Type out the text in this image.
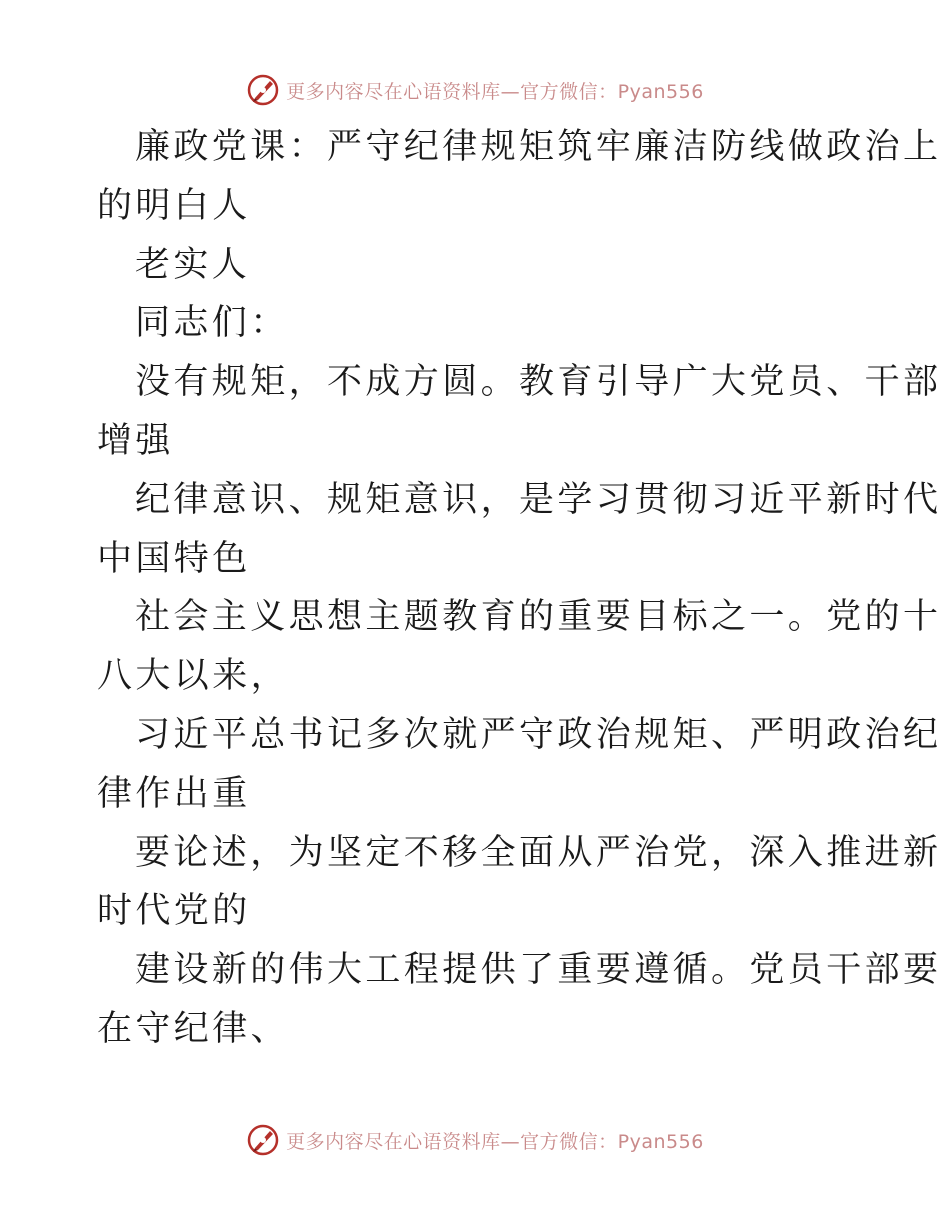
更多内容尽在心语资料库—官方微信：Pyan556
廉政党课：严守纪律规矩筑牢廉洁防线做政治上
的明白人
老实人
同志们：
没有规矩，不成方圆。教育引导广大党员、干部
增强
纪律意识、规矩意识，是学习贯彻习近平新时代
中国特色
社会主义思想主题教育的重要目标之一。党的十
八大以来，
习近平总书记多次就严守政治规矩、严明政治纪
律作出重
要论述，为坚定不移全面从严治党，深入推进新
时代党的
建设新的伟大工程提供了重要遵循。党员干部要
在守纪律、
更多内容尽在心语资料库—官方微信：Pyan556
